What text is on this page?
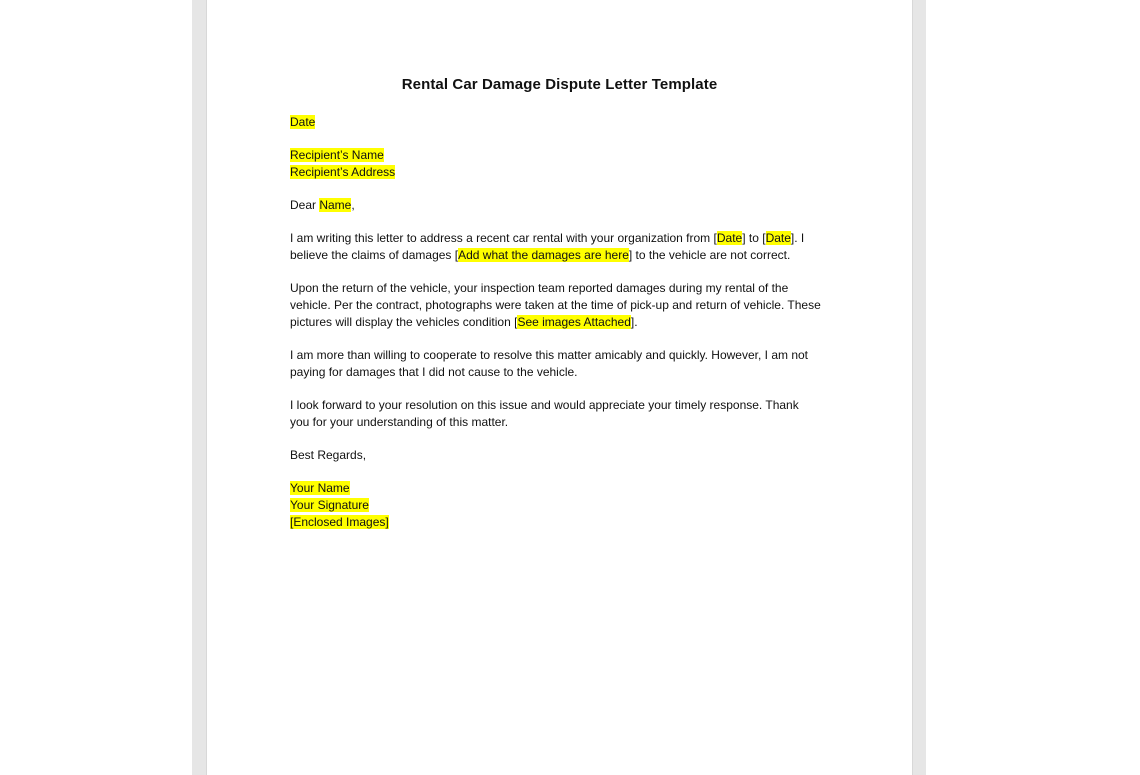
Rental Car Damage Dispute Letter Template
Date
Recipient’s Name
Recipient’s Address
Dear Name,
I am writing this letter to address a recent car rental with your organization from [Date] to [Date]. I
believe the claims of damages [Add what the damages are here] to the vehicle are not correct.
Upon the return of the vehicle, your inspection team reported damages during my rental of the
vehicle. Per the contract, photographs were taken at the time of pick-up and return of vehicle. These
pictures will display the vehicles condition [See images Attached].
I am more than willing to cooperate to resolve this matter amicably and quickly. However, I am not
paying for damages that I did not cause to the vehicle.
I look forward to your resolution on this issue and would appreciate your timely response. Thank
you for your understanding of this matter.
Best Regards,
Your Name
Your Signature
[Enclosed Images]
